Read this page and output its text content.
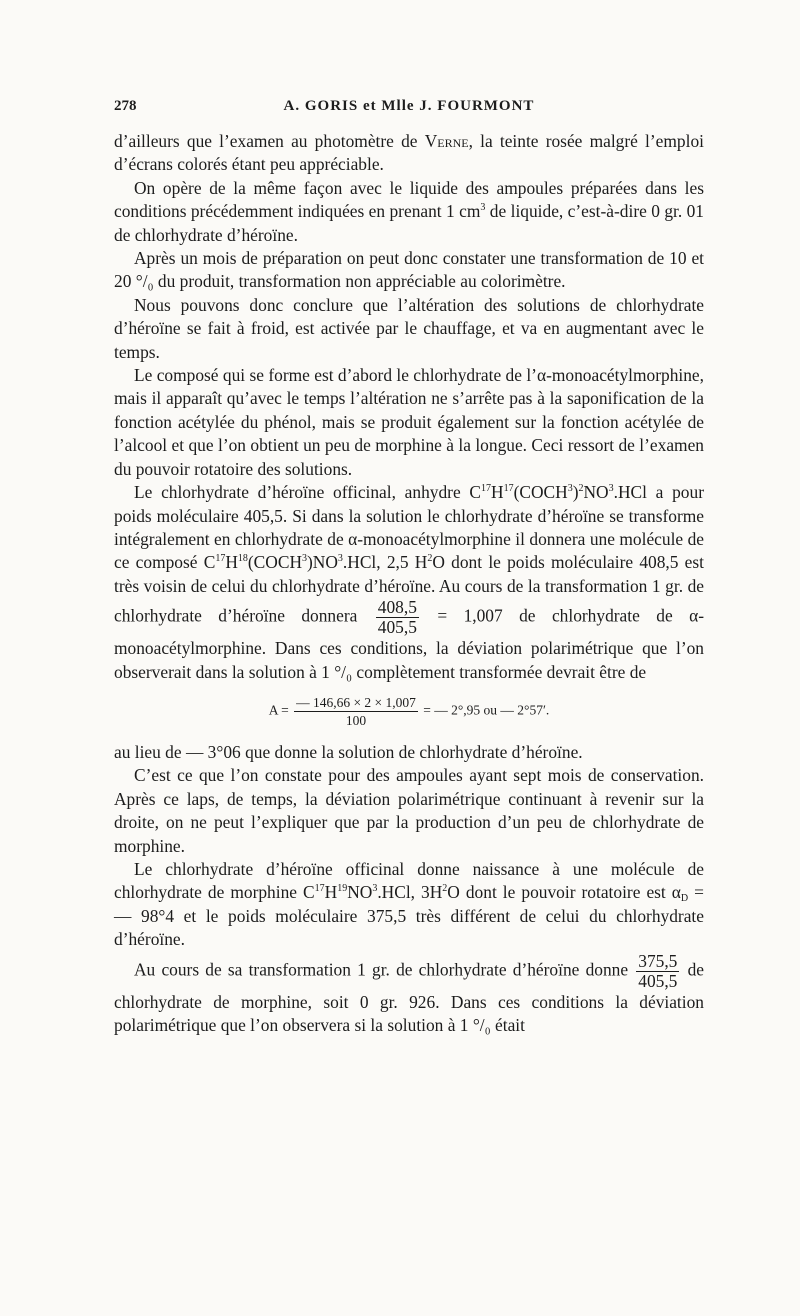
278	A. GORIS et Mlle J. FOURMONT

d’ailleurs que l’examen au photomètre de Verne, la teinte rosée malgré l’emploi d’écrans colorés étant peu appréciable.

On opère de la même façon avec le liquide des ampoules préparées dans les conditions précédemment indiquées en prenant 1 $cm^3$ de liquide, c’est-à-dire 0 gr. 01 de chlorhydrate d’héroïne.

Après un mois de préparation on peut donc constater une transformation de 10 et 20 °/₀ du produit, transformation non appréciable au colorimètre.

Nous pouvons donc conclure que l’altération des solutions de chlorhydrate d’héroïne se fait à froid, est activée par le chauffage, et va en augmentant avec le temps.

Le composé qui se forme est d’abord le chlorhydrate de l’α-monoacétylmorphine, mais il apparaît qu’avec le temps l’altération ne s’arrête pas à la saponification de la fonction acétylée du phénol, mais se produit également sur la fonction acétylée de l’alcool et que l’on obtient un peu de morphine à la longue. Ceci ressort de l’examen du pouvoir rotatoire des solutions.

Le chlorhydrate d’héroïne officinal, anhydre $C^{17}H^{17}(COCH^3)^2NO^3.HCl$ a pour poids moléculaire 405,5. Si dans la solution le chlorhydrate d’héroïne se transforme intégralement en chlorhydrate de α-monoacétylmorphine il donnera une molécule de ce composé $C^{17}H^{18}(COCH^3)NO^3.HCl$, 2,5 $H^2O$ dont le poids moléculaire 408,5 est très voisin de celui du chlorhydrate d’héroïne. Au cours de la transformation 1 gr. de chlorhydrate d’héroïne donnera $\frac{408,5}{405,5} = 1,007$ de chlorhydrate de α-monoacétylmorphine. Dans ces conditions, la déviation polarimétrique que l’on observerait dans la solution à 1 °/₀ complètement transformée devrait être de

$A = \frac{— 146,66 \times 2 \times 1,007}{100}$ = — 2°,95 ou — 2°57′.

au lieu de — 3°06 que donne la solution de chlorhydrate d’héroïne.

C’est ce que l’on constate pour des ampoules ayant sept mois de conservation. Après ce laps, de temps, la déviation polarimétrique continuant à revenir sur la droite, on ne peut l’expliquer que par la production d’un peu de chlorhydrate de morphine.

Le chlorhydrate d’héroïne officinal donne naissance à une molécule de chlorhydrate de morphine $C^{17}H^{19}NO^3.HCl$, $3H^2O$ dont le pouvoir rotatoire est $\alpha_D$ = — 98°4 et le poids moléculaire 375,5 très différent de celui du chlorhydrate d’héroïne.

Au cours de sa transformation 1 gr. de chlorhydrate d’héroïne donne $\frac{375,5}{405,5}$ de chlorhydrate de morphine, soit 0 gr. 926. Dans ces conditions la déviation polarimétrique que l’on observera si la solution à 1 °/₀ était
